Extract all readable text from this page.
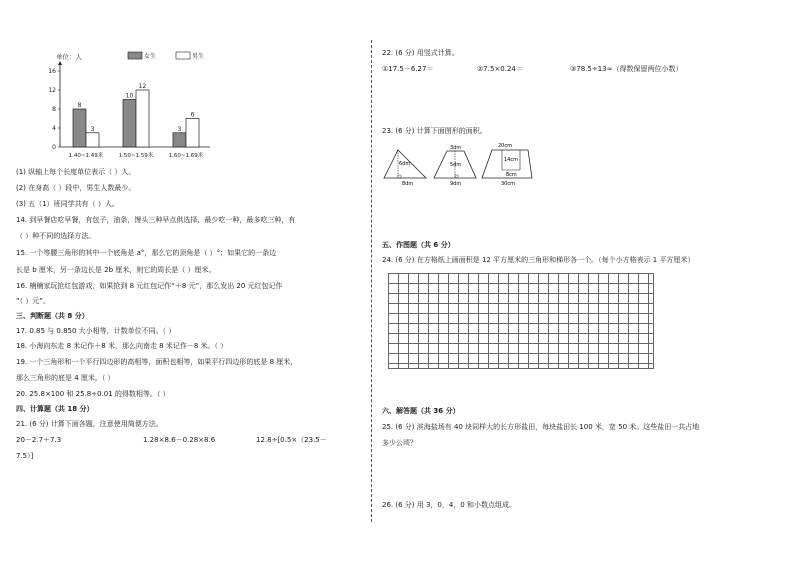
单位：人	女生	男生
0
4
8
12
16
8
3
1.40~1.49米
10
12
1.50~1.59米
3
6
1.60~1.69米
(1) 纵轴上每个长度单位表示（ ）人。
(2) 在身高（ ）段中，男生人数最少。
(3) 五（1）班同学共有（ ）人。
14. 到早餐店吃早餐，有包子，油条，馒头三种早点供选择，最少吃一种，最多吃三种，有
（ ）种不同的选择方法。
15. 一个等腰三角形的其中一个底角是 a°，那么它的顶角是（ ）°；如果它的一条边
长是 b 厘米，另一条边长是 2b 厘米，则它的周长是（ ）厘米。
16. 楠楠家玩抢红包游戏，如果抢到 8 元红包记作“＋8 元”，那么发出 20 元红包记作
“（ ）元”。
三、判断题（共 8 分）
17. 0.85 与 0.850 大小相等，计数单位不同。（ ）
18. 小海向东走 8 米记作＋8 米，那么向南走 8 米记作－8 米。（ ）
19. 一个三角形和一个平行四边形的高相等，面积也相等，如果平行四边形的底是 8 厘米，
那么三角形的底是 4 厘米。（ ）
20. 25.8×100 和 25.8÷0.01 的得数相等。（ ）
四、计算题（共 18 分）
21. (6 分) 计算下面各题，注意使用简便方法。
20－2.7＋7.3	1.28×8.6－0.28×8.6	12.8÷[0.5×（23.5－
7.5）]
22. (6 分) 用竖式计算。
①17.5－6.27＝	②7.5×0.24＝	③78.5÷13≈（得数保留两位小数）
23. (6 分) 计算下面图形的面积。
6dm
8dm
3dm
5dm
9dm
20cm
14cm
8cm
30cm
五、作图题（共 6 分）
24. (6 分) 在方格纸上画面积是 12 平方厘米的三角形和梯形各一个。（每个小方格表示 1 平方厘米）
六、解答题（共 36 分）
25. (6 分) 滨海盐场有 40 块同样大的长方形盐田，每块盐田长 100 米，宽 50 米。这些盐田一共占地
多少公顷？
26. (6 分) 用 3，0，4，0 和小数点组成。
